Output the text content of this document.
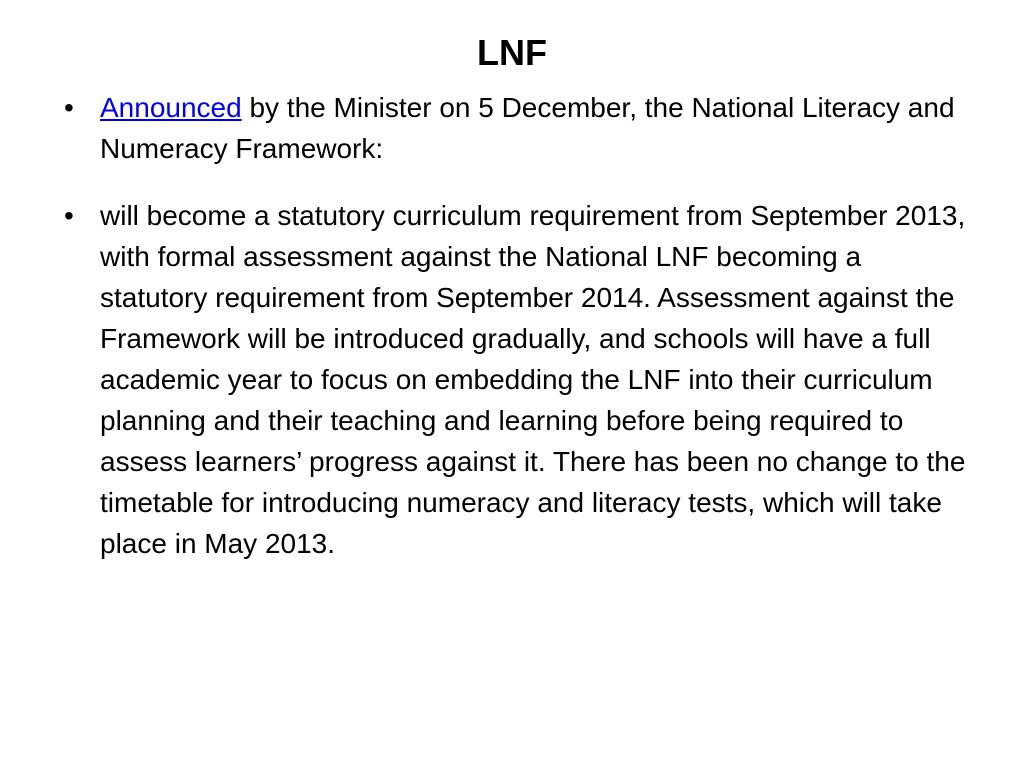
LNF
• Announced by the Minister on 5 December, the National Literacy and Numeracy Framework:
• will become a statutory curriculum requirement from September 2013, with formal assessment against the National LNF becoming a statutory requirement from September 2014. Assessment against the Framework will be introduced gradually, and schools will have a full academic year to focus on embedding the LNF into their curriculum planning and their teaching and learning before being required to assess learners’ progress against it. There has been no change to the timetable for introducing numeracy and literacy tests, which will take place in May 2013.
